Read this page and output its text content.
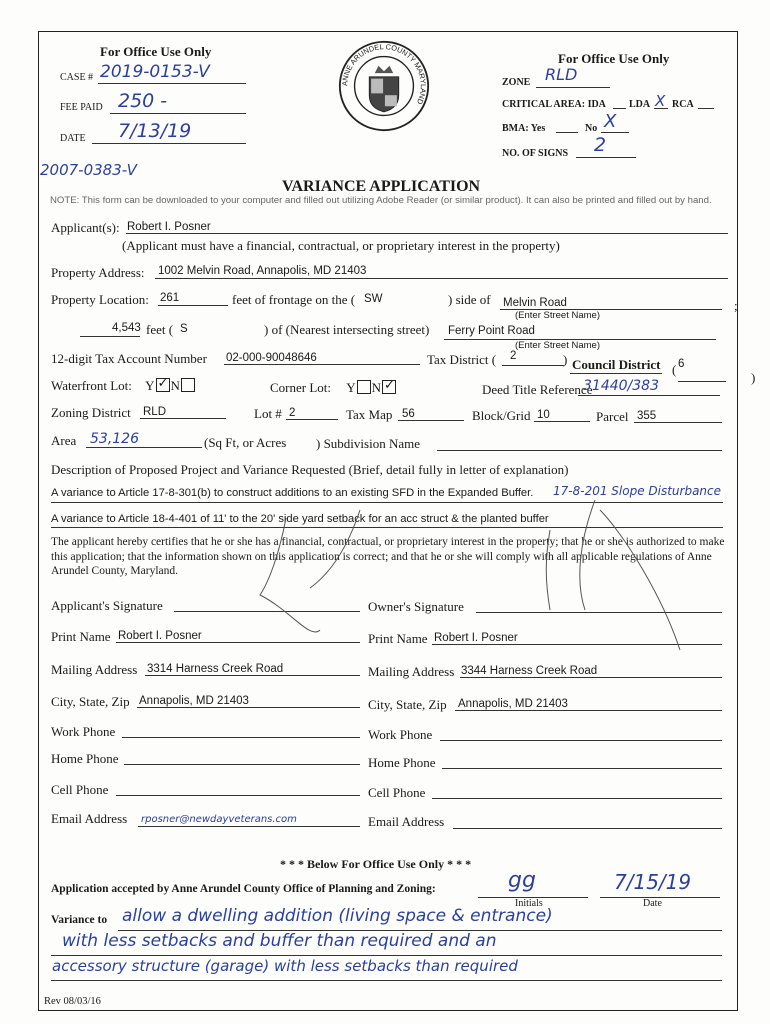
For Office Use Only
CASE # 2019-0153-V
FEE PAID 250 -
DATE 7/13/19
ANNE ARUNDEL COUNTY MARYLAND
For Office Use Only
ZONE RLD
CRITICAL AREA: IDA LDA X RCA
BMA: Yes	No X
NO. OF SIGNS 2
2007-0383-V
VARIANCE APPLICATION
NOTE: This form can be downloaded to your computer and filled out utilizing Adobe Reader (or similar product). It can also be printed and filled out by hand.
Applicant(s): Robert I. Posner
(Applicant must have a financial, contractual, or proprietary interest in the property)
Property Address: 1002 Melvin Road, Annapolis, MD 21403
Property Location: 261	feet of frontage on the ( SW	) side of Melvin Road	;
(Enter Street Name)
4,543 feet ( S	) of (Nearest intersecting street) Ferry Point Road
(Enter Street Name)
12-digit Tax Account Number 02-000-90048646	Tax District ( 2	) Council District ( 6
)
Waterfront Lot: Y ✓ N	Corner Lot: Y N ✓	Deed Title Reference
31440/383
Zoning District RLD	Lot # 2	Tax Map 56	Block/Grid 10	Parcel 355
Area 53,126	(Sq Ft, or Acres ) Subdivision Name
Description of Proposed Project and Variance Requested (Brief, detail fully in letter of explanation)
A variance to Article 17-8-301(b) to construct additions to an existing SFD in the Expanded Buffer. 17-8-201 Slope Disturbance
A variance to Article 18-4-401 of 11' to the 20' side yard setback for an acc struct & the planted buffer
The applicant hereby certifies that he or she has a financial, contractual, or proprietary interest in the property; that he or she is authorized to make this application; that the information shown on this application is correct; and that he or she will comply with all applicable regulations of Anne Arundel County, Maryland.
Applicant's Signature	Owner's Signature
Print Name Robert I. Posner	Print Name Robert I. Posner
Mailing Address 3314 Harness Creek Road	Mailing Address 3344 Harness Creek Road
City, State, Zip Annapolis, MD 21403	City, State, Zip Annapolis, MD 21403
Work Phone	Work Phone
Home Phone	Home Phone
Cell Phone	Cell Phone
Email Address rposner@newdayveterans.com	Email Address
* * * Below For Office Use Only * * *
Application accepted by Anne Arundel County Office of Planning and Zoning:	gg
Initials
7/15/19
Date
Variance to allow a dwelling addition (living space & entrance)
with less setbacks and buffer than required and an
accessory structure (garage) with less setbacks than required
Rev 08/03/16
